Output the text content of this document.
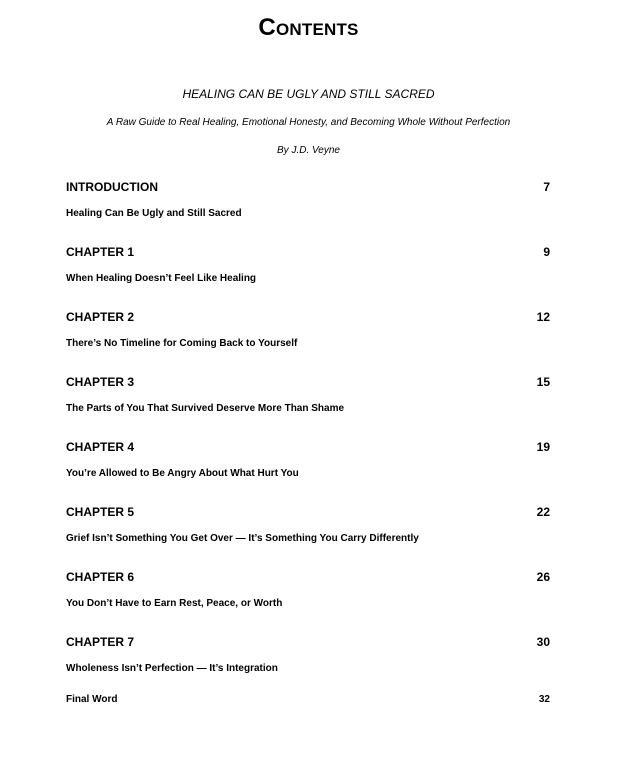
Contents
HEALING CAN BE UGLY AND STILL SACRED
A Raw Guide to Real Healing, Emotional Honesty, and Becoming Whole Without Perfection
By J.D. Veyne
INTRODUCTION	7
Healing Can Be Ugly and Still Sacred
CHAPTER 1	9
When Healing Doesn’t Feel Like Healing
CHAPTER 2	12
There’s No Timeline for Coming Back to Yourself
CHAPTER 3	15
The Parts of You That Survived Deserve More Than Shame
CHAPTER 4	19
You’re Allowed to Be Angry About What Hurt You
CHAPTER 5	22
Grief Isn’t Something You Get Over — It’s Something You Carry Differently
CHAPTER 6	26
You Don’t Have to Earn Rest, Peace, or Worth
CHAPTER 7	30
Wholeness Isn’t Perfection — It’s Integration
Final Word	32
